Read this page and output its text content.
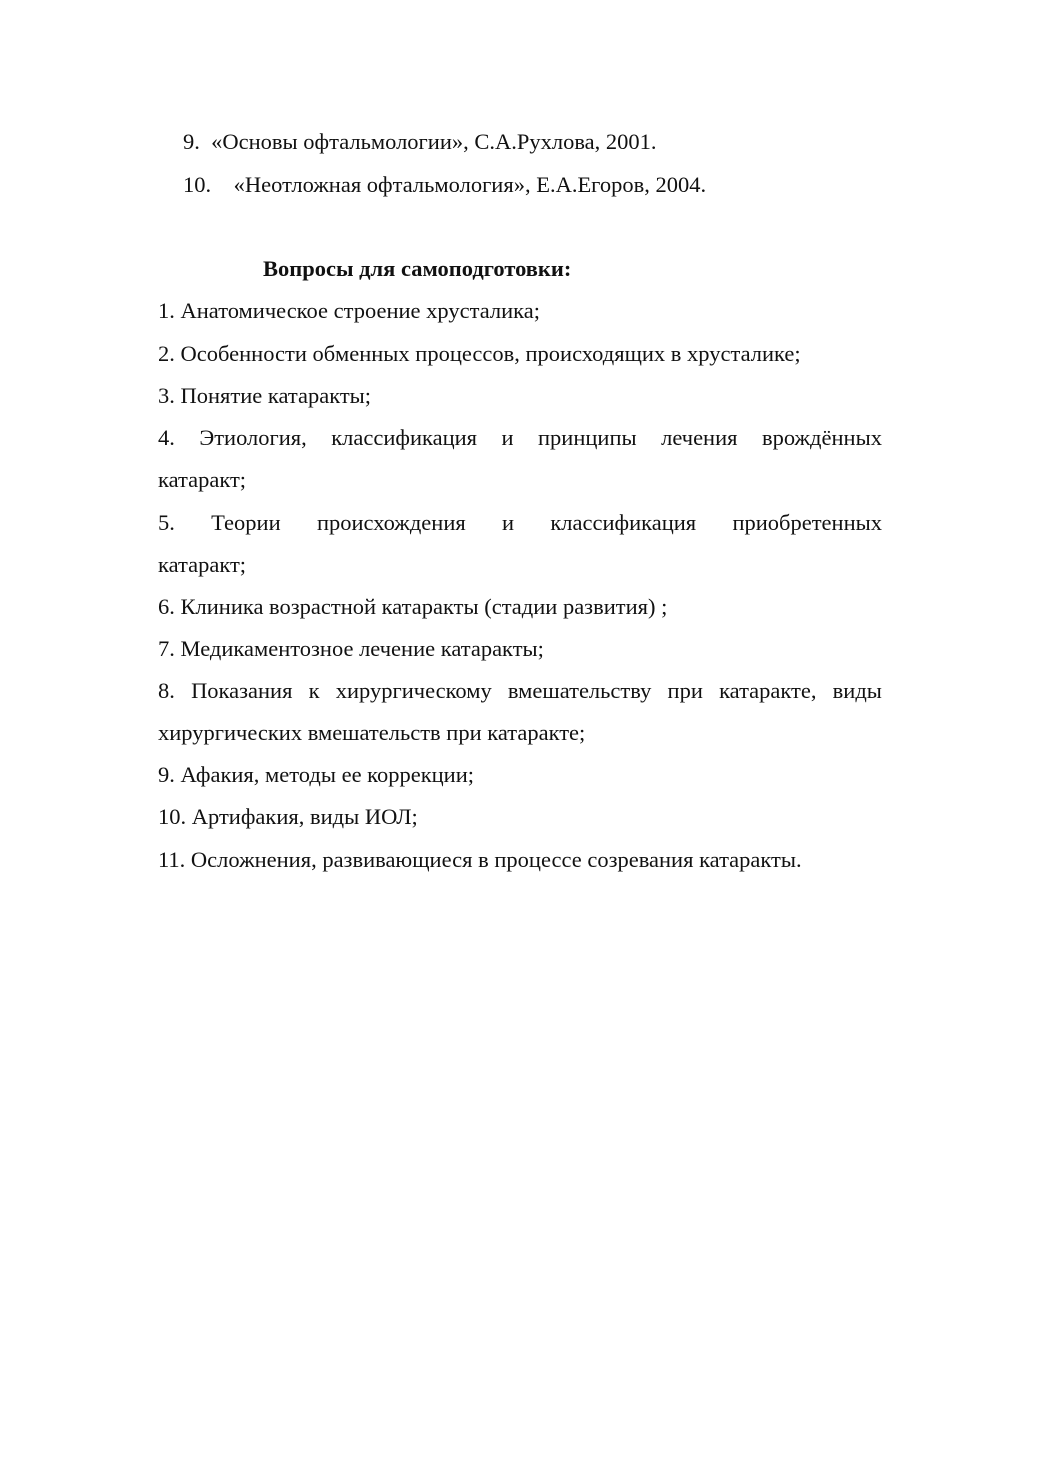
9. «Основы офтальмологии», С.А.Рухлова, 2001.
10. «Неотложная офтальмология», Е.А.Егоров, 2004.
Вопросы для самоподготовки:
1. Анатомическое строение хрусталика;
2. Особенности обменных процессов, происходящих в хрусталике;
3. Понятие катаракты;
4. Этиология, классификация и принципы лечения врождённых
катаракт;
5. Теории происхождения и классификация приобретенных
катаракт;
6. Клиника возрастной катаракты (стадии развития) ;
7. Медикаментозное лечение катаракты;
8. Показания к хирургическому вмешательству при катаракте, виды
хирургических вмешательств при катаракте;
9. Афакия, методы ее коррекции;
10. Артифакия, виды ИОЛ;
11. Осложнения, развивающиеся в процессе созревания катаракты.
